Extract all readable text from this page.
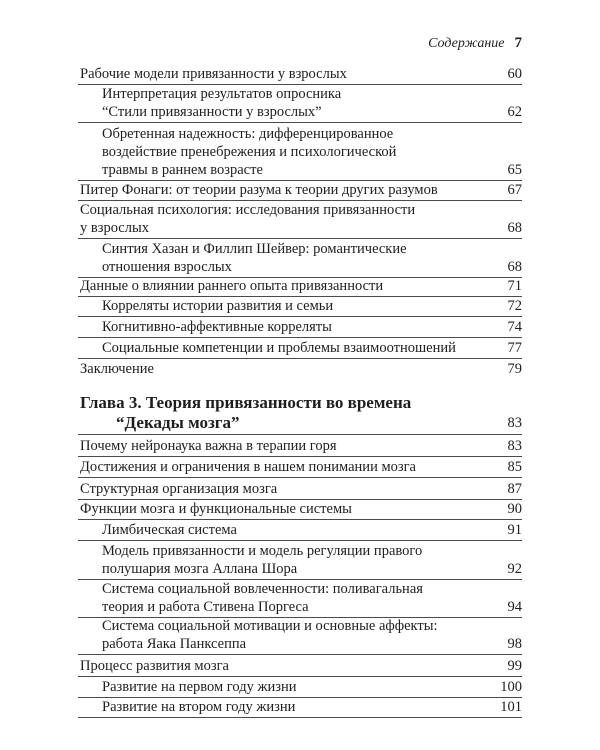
Содержание 7
Рабочие модели привязанности у взрослых	60
Интерпретация результатов опросника
“Стили привязанности у взрослых”	62
Обретенная надежность: дифференцированное
воздействие пренебрежения и психологической
травмы в раннем возрасте	65
Питер Фонаги: от теории разума к теории других разумов	67
Социальная психология: исследования привязанности
у взрослых	68
Синтия Хазан и Филлип Шейвер: романтические
отношения взрослых	68
Данные о влиянии раннего опыта привязанности	71
Корреляты истории развития и семьи	72
Когнитивно-аффективные корреляты	74
Социальные компетенции и проблемы взаимоотношений	77
Заключение	79
Глава 3. Теория привязанности во времена
“Декады мозга”	83
Почему нейронаука важна в терапии горя	83
Достижения и ограничения в нашем понимании мозга	85
Структурная организация мозга	87
Функции мозга и функциональные системы	90
Лимбическая система	91
Модель привязанности и модель регуляции правого
полушария мозга Аллана Шора	92
Система социальной вовлеченности: поливагальная
теория и работа Стивена Поргеса	94
Система социальной мотивации и основные аффекты:
работа Яака Панксеппа	98
Процесс развития мозга	99
Развитие на первом году жизни	100
Развитие на втором году жизни	101
